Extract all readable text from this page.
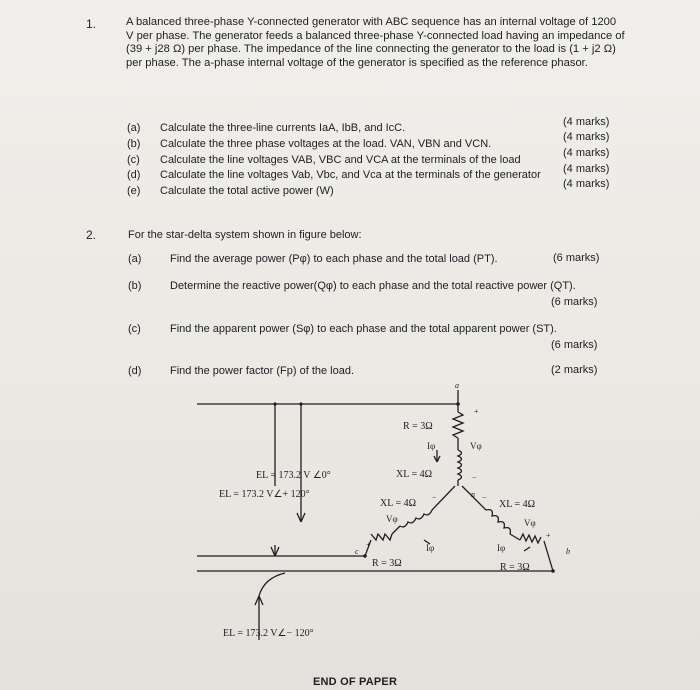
1.	A balanced three-phase Y-connected generator with ABC sequence has an internal voltage of 1200 V per phase. The generator feeds a balanced three-phase Y-connected load having an impedance of (39 + j28 Ω) per phase. The impedance of the line connecting the generator to the load is (1 + j2 Ω) per phase. The a-phase internal voltage of the generator is specified as the reference phasor.
(a) Calculate the three-line currents IaA, IbB, and IcC.	(4 marks)
(b) Calculate the three phase voltages at the load. VAN, VBN and VCN.
(4 marks)
(c) Calculate the line voltages VAB, VBC and VCA at the terminals of the load
(4 marks)
(d) Calculate the line voltages Vab, Vbc, and Vca at the terminals of the generator (4 marks)
(e) Calculate the total active power (W)
(4 marks)
2.	For the star-delta system shown in figure below:
(a)	Find the average power (Pφ) to each phase and the total load (PT).	(6 marks)
(b)	Determine the reactive power(Qφ) to each phase and the total reactive power (QT).
(6 marks)
(c)	Find the apparent power (Sφ) to each phase and the total apparent power (ST).
(6 marks)
(d)	Find the power factor (Fp) of the load.	(2 marks)
EL = 173.2 V ∠0°
EL = 173.2 V∠+ 120°
EL = 173.2 V∠− 120°
R = 3Ω
XL = 4Ω
XL = 4Ω	XL = 4Ω
R = 3Ω	R = 3Ω
Iφ	Vφ
Vφ
Iφ
Vφ
Iφ
a
b
c
n
+
−
+
−
+
−
END OF PAPER
